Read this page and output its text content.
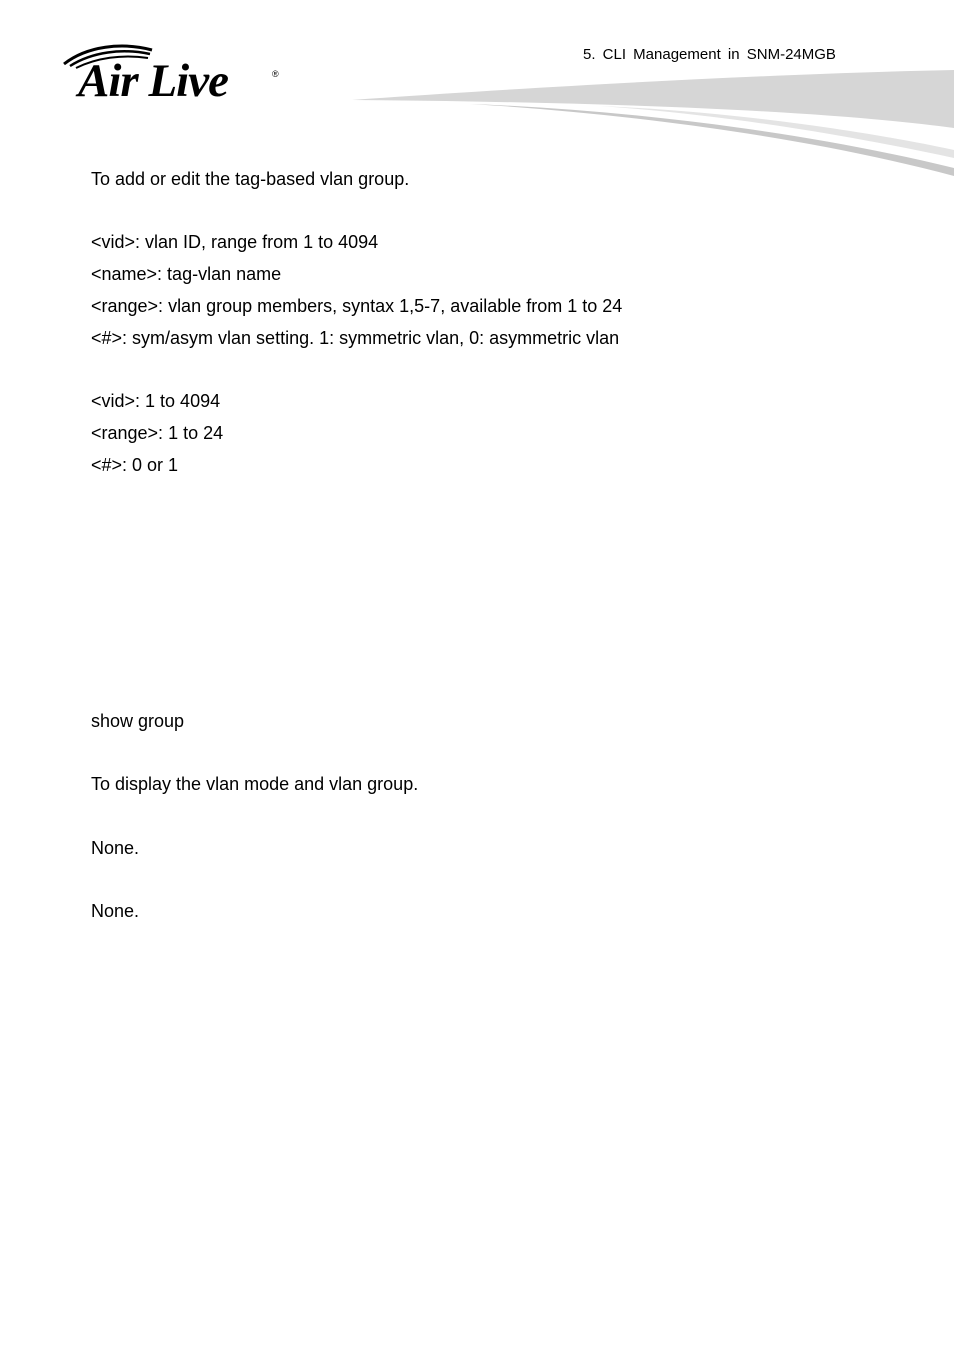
Air Live	®
5. CLI Management in SNM-24MGB
To add or edit the tag-based vlan group.
<vid>: vlan ID, range from 1 to 4094
<name>: tag-vlan name
<range>: vlan group members, syntax 1,5-7, available from 1 to 24
<#>: sym/asym vlan setting. 1: symmetric vlan, 0: asymmetric vlan
<vid>: 1 to 4094
<range>: 1 to 24
<#>: 0 or 1
show group
To display the vlan mode and vlan group.
None.
None.
